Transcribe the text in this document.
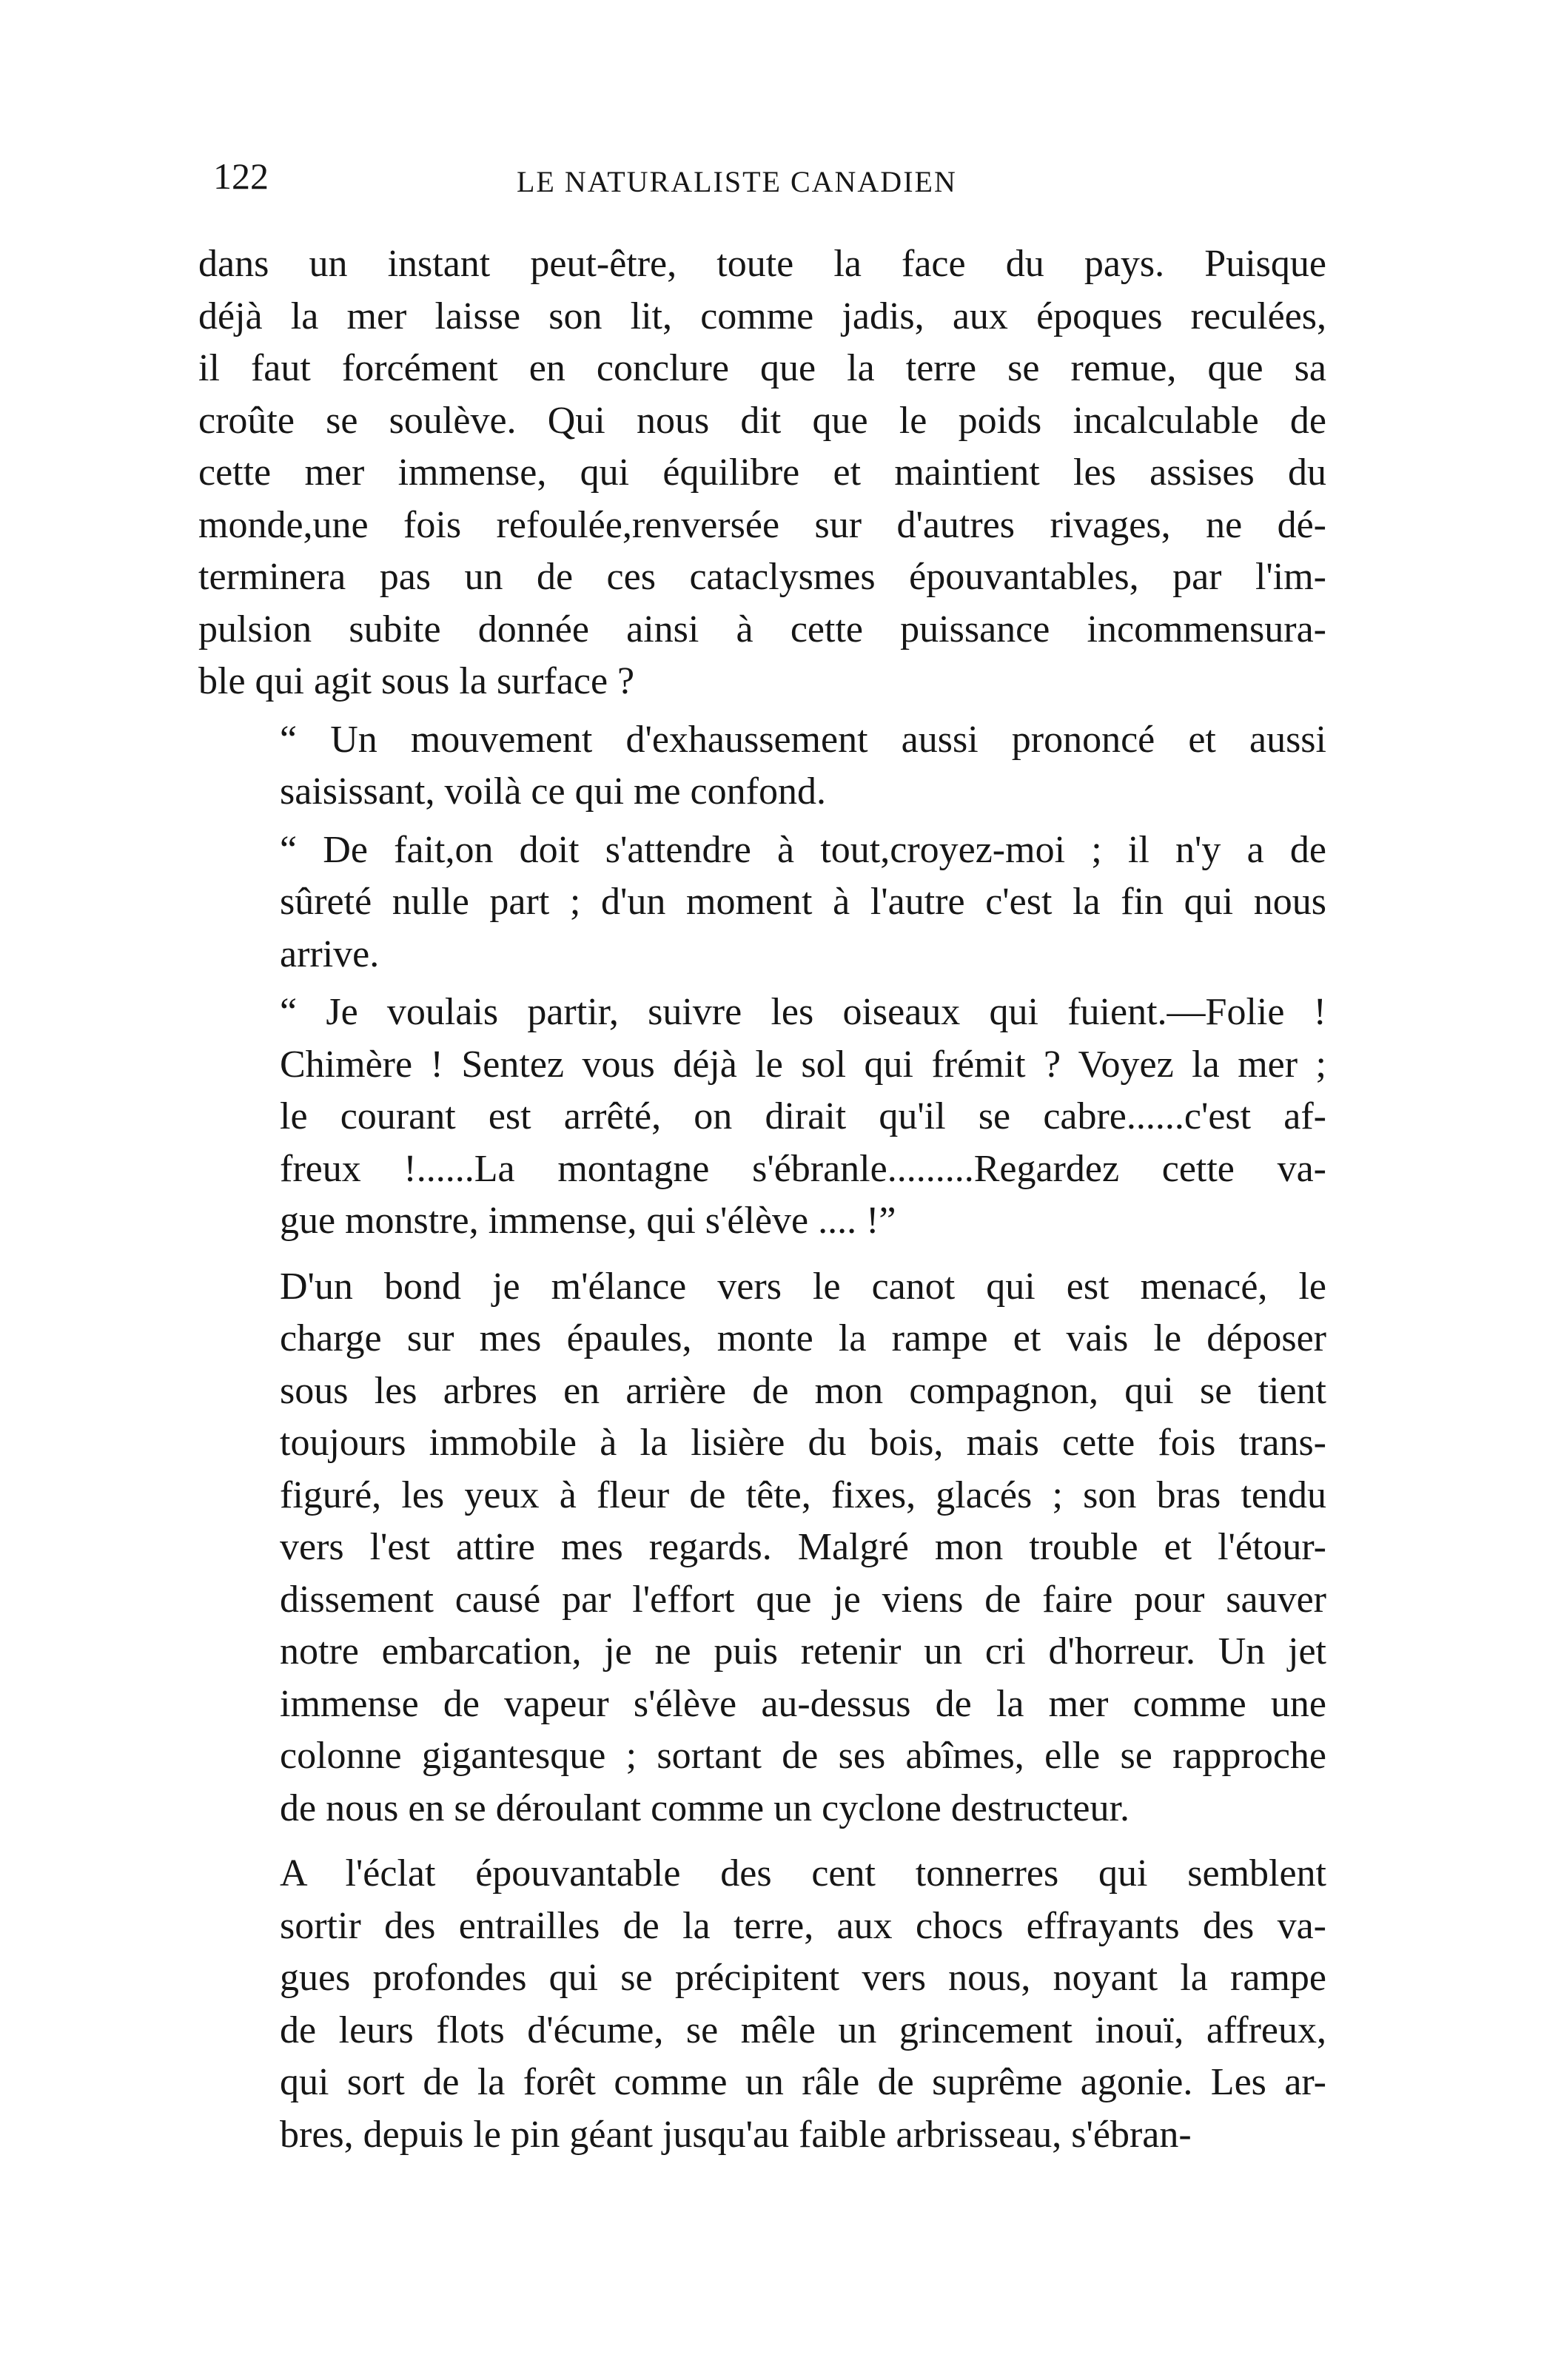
122	LE NATURALISTE CANADIEN
dans un instant peut-être, toute la face du pays. Puisque
déjà la mer laisse son lit, comme jadis, aux époques reculées,
il faut forcément en conclure que la terre se remue, que sa
croûte se soulève. Qui nous dit que le poids incalculable de
cette mer immense, qui équilibre et maintient les assises du
monde,une fois refoulée,renversée sur d'autres rivages, ne dé-
terminera pas un de ces cataclysmes épouvantables, par l'im-
pulsion subite donnée ainsi à cette puissance incommensura-
ble qui agit sous la surface ?
“ Un mouvement d'exhaussement aussi prononcé et aussi
saisissant, voilà ce qui me confond.
“ De fait,on doit s'attendre à tout,croyez-moi ; il n'y a de
sûreté nulle part ; d'un moment à l'autre c'est la fin qui nous
arrive.
“ Je voulais partir, suivre les oiseaux qui fuient.—Folie !
Chimère ! Sentez vous déjà le sol qui frémit ? Voyez la mer ;
le courant est arrêté, on dirait qu'il se cabre......c'est af-
freux !......La montagne s'ébranle.........Regardez cette va-
gue monstre, immense, qui s'élève .... !”
D'un bond je m'élance vers le canot qui est menacé, le
charge sur mes épaules, monte la rampe et vais le déposer
sous les arbres en arrière de mon compagnon, qui se tient
toujours immobile à la lisière du bois, mais cette fois trans-
figuré, les yeux à fleur de tête, fixes, glacés ; son bras tendu
vers l'est attire mes regards. Malgré mon trouble et l'étour-
dissement causé par l'effort que je viens de faire pour sauver
notre embarcation, je ne puis retenir un cri d'horreur. Un jet
immense de vapeur s'élève au-dessus de la mer comme une
colonne gigantesque ; sortant de ses abîmes, elle se rapproche
de nous en se déroulant comme un cyclone destructeur.
A l'éclat épouvantable des cent tonnerres qui semblent
sortir des entrailles de la terre, aux chocs effrayants des va-
gues profondes qui se précipitent vers nous, noyant la rampe
de leurs flots d'écume, se mêle un grincement inouï, affreux,
qui sort de la forêt comme un râle de suprême agonie. Les ar-
bres, depuis le pin géant jusqu'au faible arbrisseau, s'ébran-
